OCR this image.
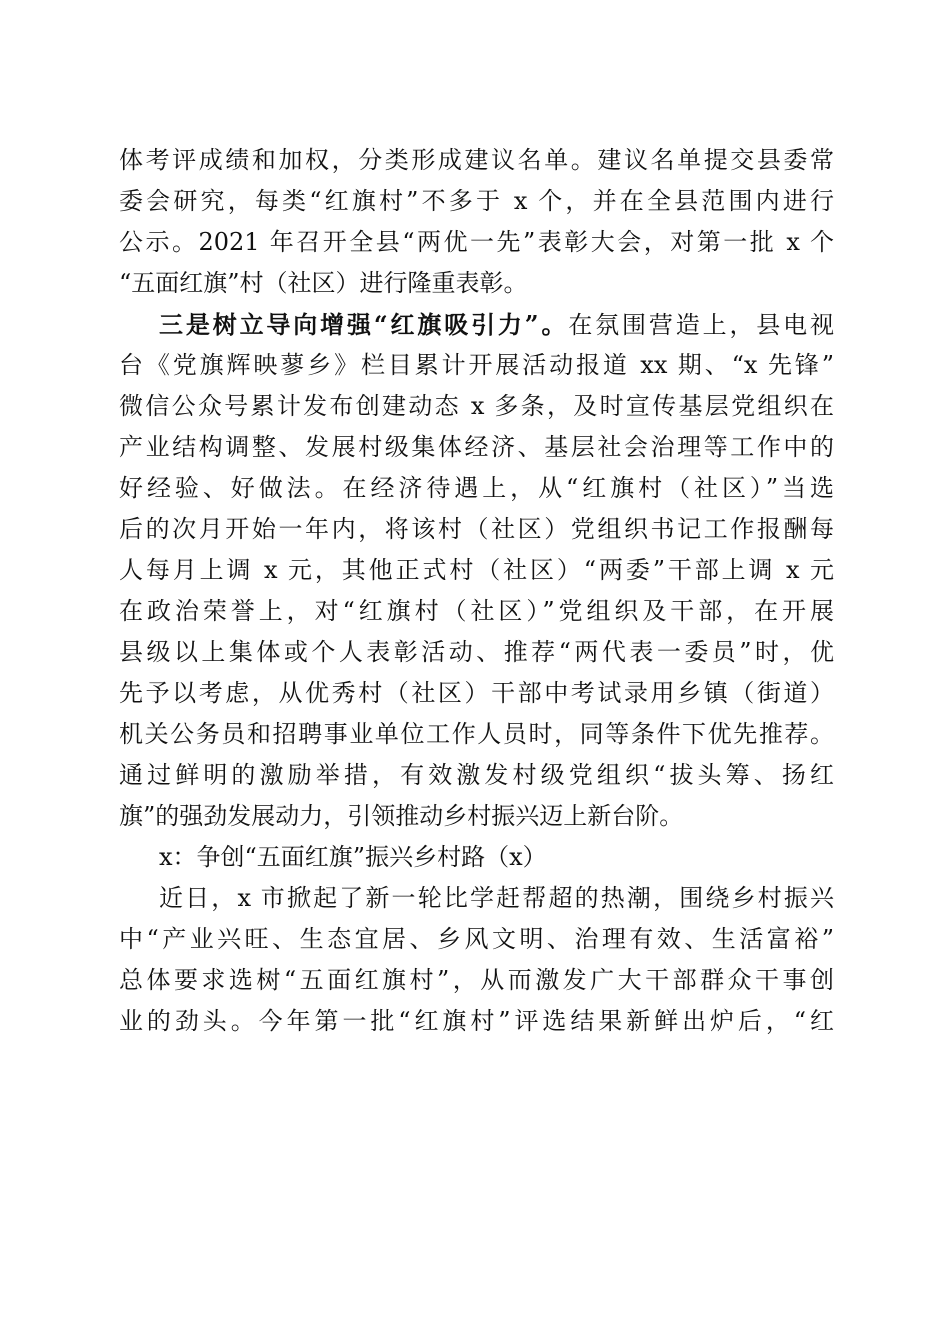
体考评成绩和加权，分类形成建议名单。建议名单提交县委常
委会研究，每类“红旗村”不多于 x 个，并在全县范围内进行
公示。2021 年召开全县“两优一先”表彰大会，对第一批 x 个
“五面红旗”村（社区）进行隆重表彰。
三是树立导向增强“红旗吸引力”。在氛围营造上，县电视
台《党旗辉映蓼乡》栏目累计开展活动报道 xx 期、“x 先锋”
微信公众号累计发布创建动态 x 多条，及时宣传基层党组织在
产业结构调整、发展村级集体经济、基层社会治理等工作中的
好经验、好做法。在经济待遇上，从“红旗村（社区）”当选
后的次月开始一年内，将该村（社区）党组织书记工作报酬每
人每月上调 x 元，其他正式村（社区）“两委”干部上调 x 元
在政治荣誉上，对“红旗村（社区）”党组织及干部，在开展
县级以上集体或个人表彰活动、推荐“两代表一委员”时，优
先予以考虑，从优秀村（社区）干部中考试录用乡镇（街道）
机关公务员和招聘事业单位工作人员时，同等条件下优先推荐。
通过鲜明的激励举措，有效激发村级党组织“拔头筹、扬红
旗”的强劲发展动力，引领推动乡村振兴迈上新台阶。
x：争创“五面红旗”振兴乡村路（x）
近日，x 市掀起了新一轮比学赶帮超的热潮，围绕乡村振兴
中“产业兴旺、生态宜居、乡风文明、治理有效、生活富裕”
总体要求选树“五面红旗村”，从而激发广大干部群众干事创
业的劲头。今年第一批“红旗村”评选结果新鲜出炉后，“红
